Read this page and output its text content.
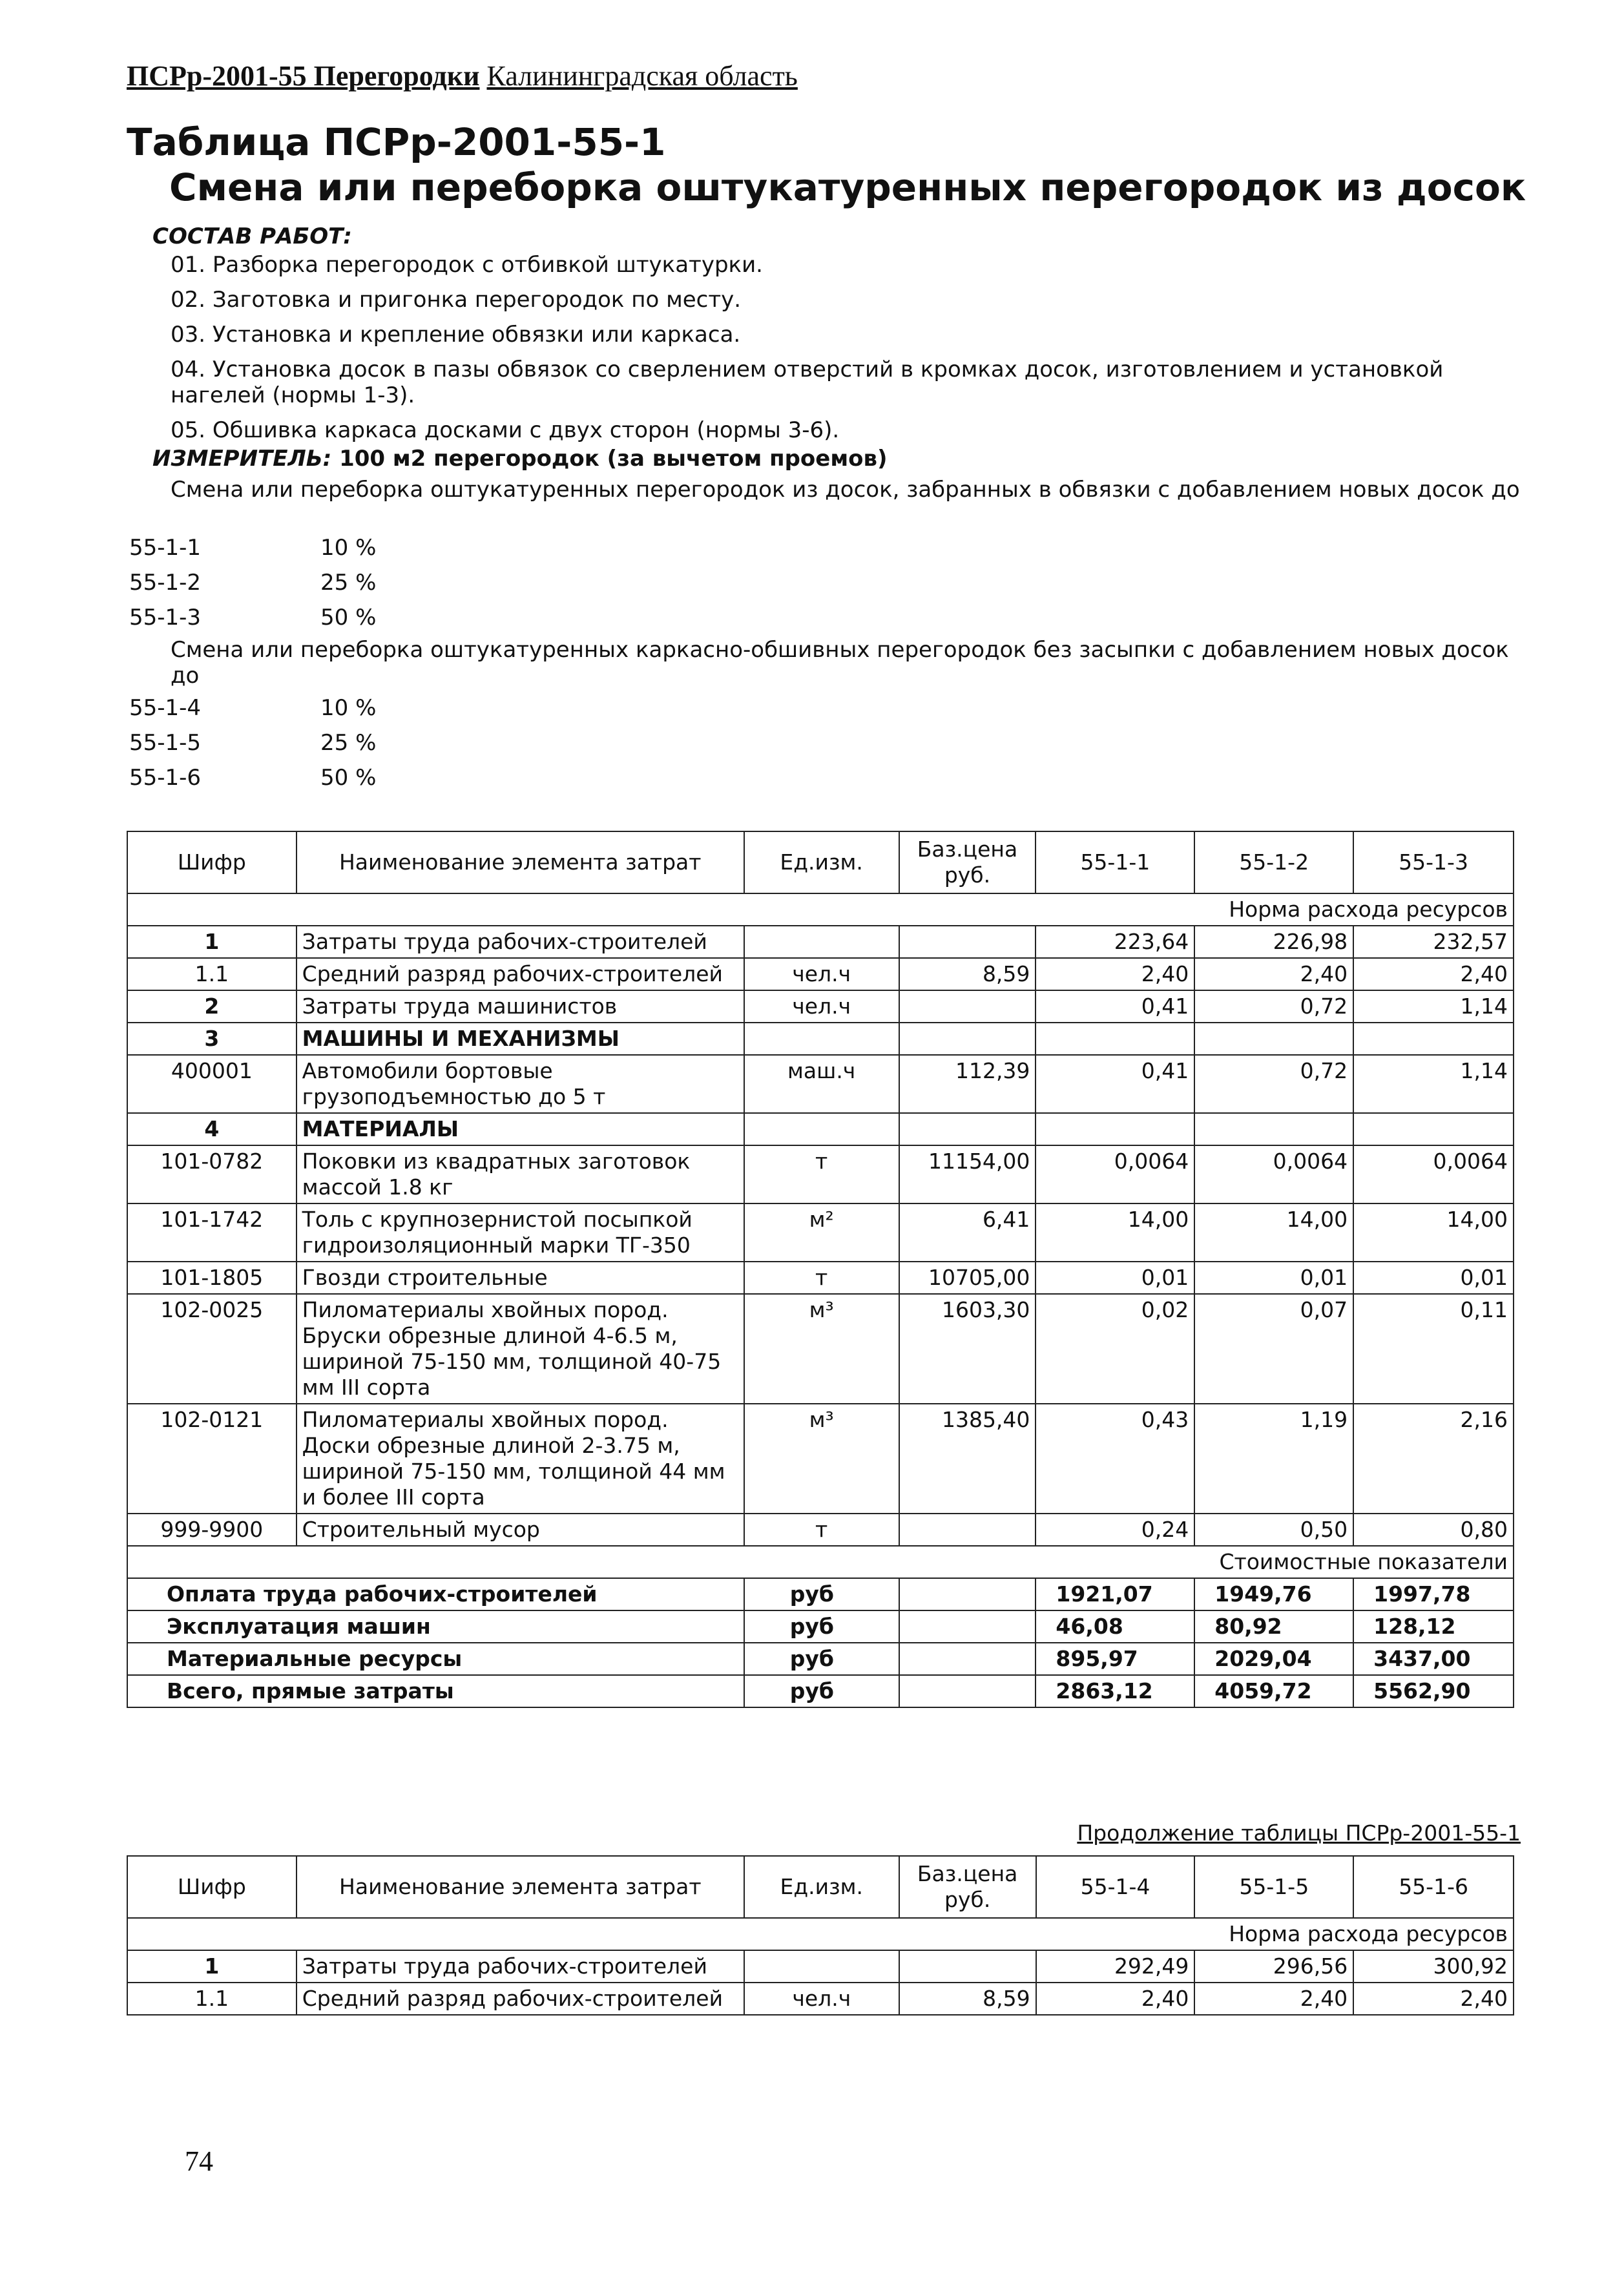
ПСРр-2001-55 Перегородки Калининградская область
Таблица ПСРр-2001-55-1
Смена или переборка оштукатуренных перегородок из досок
СОСТАВ РАБОТ:
01. Разборка перегородок с отбивкой штукатурки.
02. Заготовка и пригонка перегородок по месту.
03. Установка и крепление обвязки или каркаса.
04. Установка досок в пазы обвязок со сверлением отверстий в кромках досок, изготовлением и установкой нагелей (нормы 1-3).
05. Обшивка каркаса досками с двух сторон (нормы 3-6).
ИЗМЕРИТЕЛЬ: 100 м2 перегородок (за вычетом проемов)
Смена или переборка оштукатуренных перегородок из досок, забранных в обвязки с добавлением новых досок до
55-1-1	10 %
55-1-2	25 %
55-1-3	50 %
Смена или переборка оштукатуренных каркасно-обшивных перегородок без засыпки с добавлением новых досок до
55-1-4	10 %
55-1-5	25 %
55-1-6	50 %
Шифр	Наименование элемента затрат	Ед.изм.	Баз.цена руб.	55-1-1	55-1-2	55-1-3
Норма расхода ресурсов						
1	Затраты труда рабочих-строителей			223,64	226,98	232,57
1.1	Средний разряд рабочих-строителей	чел.ч	8,59	2,40	2,40	2,40
2	Затраты труда машинистов	чел.ч		0,41	0,72	1,14
3	МАШИНЫ И МЕХАНИЗМЫ					
400001	Автомобили бортовые грузоподъемностью до 5 т	маш.ч	112,39	0,41	0,72	1,14
4	МАТЕРИАЛЫ					
101-0782	Поковки из квадратных заготовок массой 1.8 кг	т	11154,00	0,0064	0,0064	0,0064
101-1742	Толь с крупнозернистой посыпкой гидроизоляционный марки ТГ-350	м²	6,41	14,00	14,00	14,00
101-1805	Гвозди строительные	т	10705,00	0,01	0,01	0,01
102-0025	Пиломатериалы хвойных пород. Бруски обрезные длиной 4-6.5 м, шириной 75-150 мм, толщиной 40-75 мм III сорта	м³	1603,30	0,02	0,07	0,11
102-0121	Пиломатериалы хвойных пород. Доски обрезные длиной 2-3.75 м, шириной 75-150 мм, толщиной 44 мм и более III сорта	м³	1385,40	0,43	1,19	2,16
999-9900	Строительный мусор	т		0,24	0,50	0,80
Стоимостные показатели						
Оплата труда рабочих-строителей		руб		1921,07	1949,76	1997,78
Эксплуатация машин		руб		46,08	80,92	128,12
Материальные ресурсы		руб		895,97	2029,04	3437,00
Всего, прямые затраты		руб		2863,12	4059,72	5562,90
Продолжение таблицы ПСРр-2001-55-1
Шифр	Наименование элемента затрат	Ед.изм.	Баз.цена руб.	55-1-4	55-1-5	55-1-6
Норма расхода ресурсов						
1	Затраты труда рабочих-строителей			292,49	296,56	300,92
1.1	Средний разряд рабочих-строителей	чел.ч	8,59	2,40	2,40	2,40
74
